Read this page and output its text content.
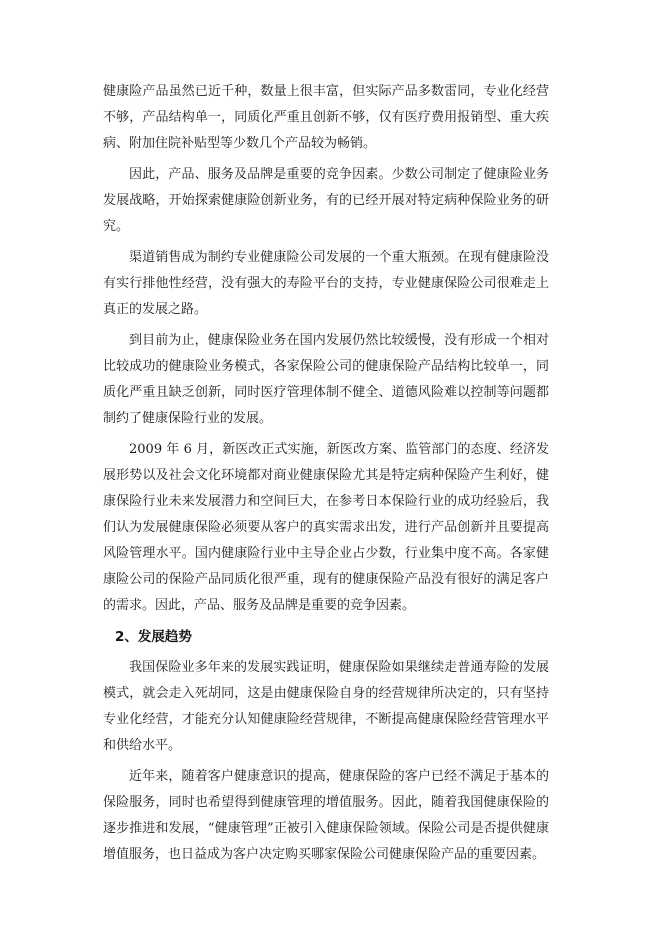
健康险产品虽然已近千种，数量上很丰富，但实际产品多数雷同，专业化经营不够，产品结构单一，同质化严重且创新不够，仅有医疗费用报销型、重大疾病、附加住院补贴型等少数几个产品较为畅销。

因此，产品、服务及品牌是重要的竞争因素。少数公司制定了健康险业务发展战略，开始探索健康险创新业务，有的已经开展对特定病种保险业务的研究。

渠道销售成为制约专业健康险公司发展的一个重大瓶颈。在现有健康险没有实行排他性经营，没有强大的寿险平台的支持，专业健康保险公司很难走上真正的发展之路。

到目前为止，健康保险业务在国内发展仍然比较缓慢，没有形成一个相对比较成功的健康险业务模式，各家保险公司的健康保险产品结构比较单一，同质化严重且缺乏创新，同时医疗管理体制不健全、道德风险难以控制等问题都制约了健康保险行业的发展。

2009 年 6 月，新医改正式实施，新医改方案、监管部门的态度、经济发展形势以及社会文化环境都对商业健康保险尤其是特定病种保险产生利好，健康保险行业未来发展潜力和空间巨大，在参考日本保险行业的成功经验后，我们认为发展健康保险必须要从客户的真实需求出发，进行产品创新并且要提高风险管理水平。国内健康险行业中主导企业占少数，行业集中度不高。各家健康险公司的保险产品同质化很严重，现有的健康保险产品没有很好的满足客户的需求。因此，产品、服务及品牌是重要的竞争因素。

2、发展趋势

我国保险业多年来的发展实践证明，健康保险如果继续走普通寿险的发展模式，就会走入死胡同，这是由健康保险自身的经营规律所决定的，只有坚持专业化经营，才能充分认知健康险经营规律，不断提高健康保险经营管理水平和供给水平。

近年来，随着客户健康意识的提高，健康保险的客户已经不满足于基本的保险服务，同时也希望得到健康管理的增值服务。因此，随着我国健康保险的逐步推进和发展，“健康管理”正被引入健康保险领域。保险公司是否提供健康增值服务，也日益成为客户决定购买哪家保险公司健康保险产品的重要因素。
